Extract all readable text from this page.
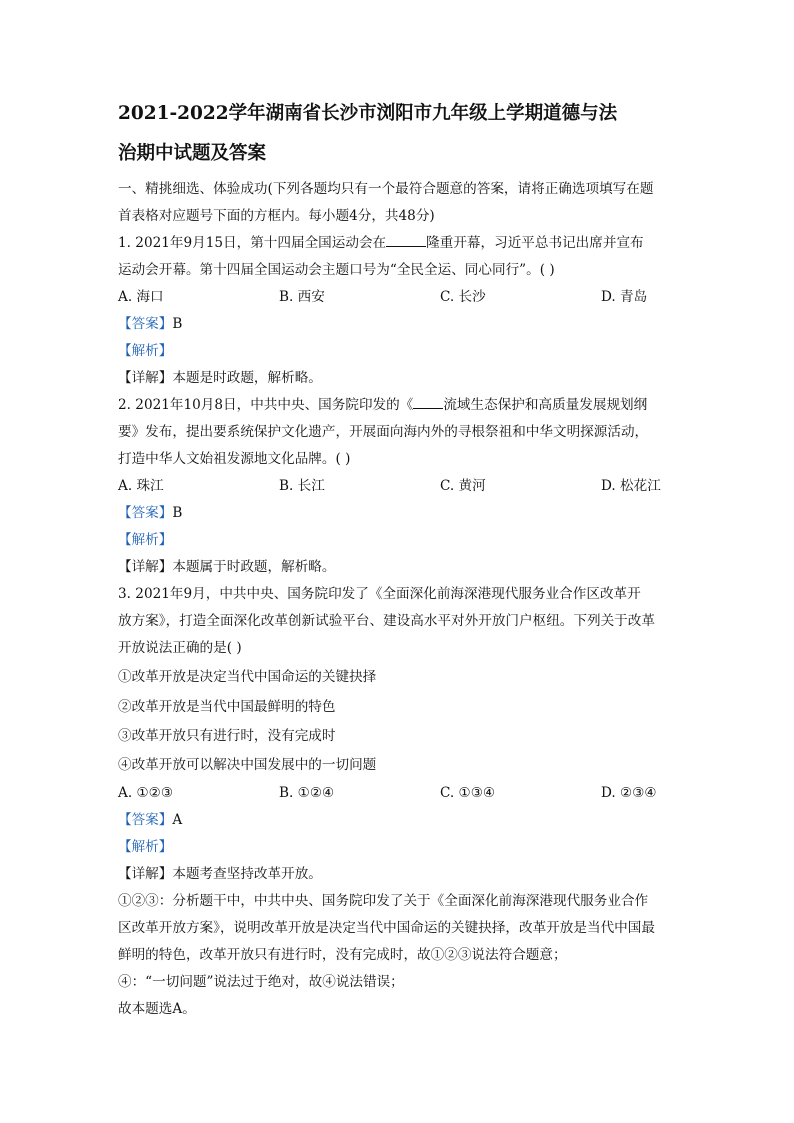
2021-2022学年湖南省长沙市浏阳市九年级上学期道德与法
治期中试题及答案
一、精挑细选、体验成功(下列各题均只有一个最符合题意的答案，请将正确选项填写在题
首表格对应题号下面的方框内。每小题4分，共48分)
1. 2021年9月15日，第十四届全国运动会在	隆重开幕，习近平总书记出席并宣布
运动会开幕。第十四届全国运动会主题口号为“全民全运、同心同行”。( )
A. 海口	B. 西安	C. 长沙	D. 青岛
【答案】B
【解析】
【详解】本题是时政题，解析略。
2. 2021年10月8日，中共中央、国务院印发的《 流域生态保护和高质量发展规划纲
要》发布，提出要系统保护文化遗产，开展面向海内外的寻根祭祖和中华文明探源活动，
打造中华人文始祖发源地文化品牌。( )
A. 珠江	B. 长江	C. 黄河	D. 松花江
【答案】B
【解析】
【详解】本题属于时政题，解析略。
3. 2021年9月，中共中央、国务院印发了《全面深化前海深港现代服务业合作区改革开
放方案》，打造全面深化改革创新试验平台、建设高水平对外开放门户枢纽。下列关于改革
开放说法正确的是( )
①改革开放是决定当代中国命运的关键抉择
②改革开放是当代中国最鲜明的特色
③改革开放只有进行时，没有完成时
④改革开放可以解决中国发展中的一切问题
A. ①②③	B. ①②④	C. ①③④	D. ②③④
【答案】A
【解析】
【详解】本题考查坚持改革开放。
①②③：分析题干中，中共中央、国务院印发了关于《全面深化前海深港现代服务业合作
区改革开放方案》，说明改革开放是决定当代中国命运的关键抉择，改革开放是当代中国最
鲜明的特色，改革开放只有进行时，没有完成时，故①②③说法符合题意；
④：“一切问题”说法过于绝对，故④说法错误；
故本题选A。
